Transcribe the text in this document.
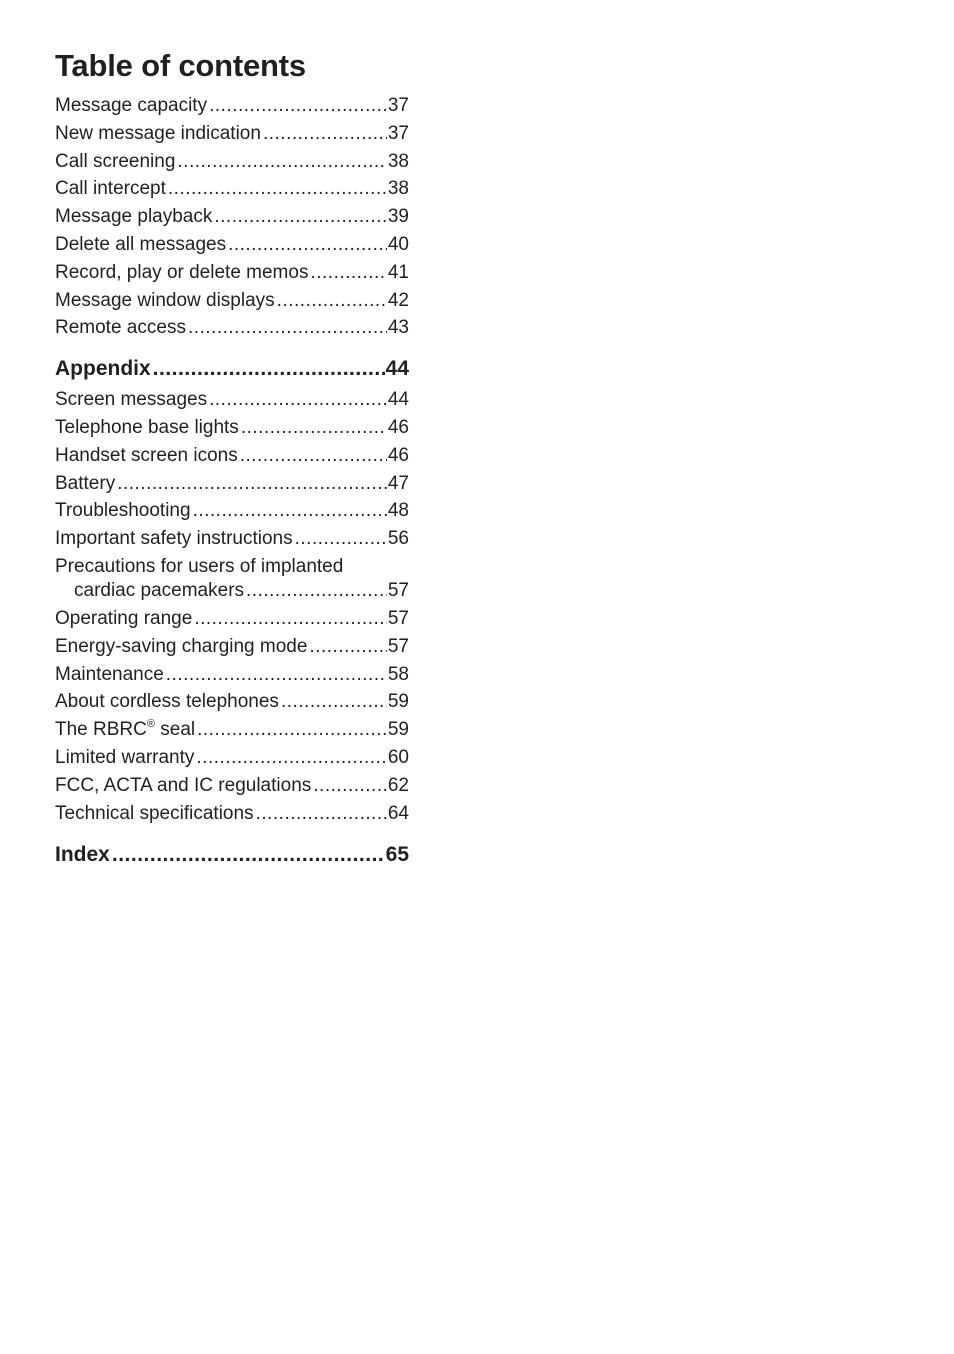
Table of contents
Message capacity .....	37
New message indication .....	37
Call screening .....	38
Call intercept .....	38
Message playback .....	39
Delete all messages .....	40
Record, play or delete memos .....	41
Message window displays .....	42
Remote access .....	43
Appendix .....	44
Screen messages .....	44
Telephone base lights .....	46
Handset screen icons .....	46
Battery .....	47
Troubleshooting .....	48
Important safety instructions .....	56
Precautions for users of implanted
cardiac pacemakers .....	57
Operating range .....	57
Energy-saving charging mode .....	57
Maintenance .....	58
About cordless telephones .....	59
The RBRC® seal .....	59
Limited warranty .....	60
FCC, ACTA and IC regulations .....	62
Technical specifications .....	64
Index .....	65
